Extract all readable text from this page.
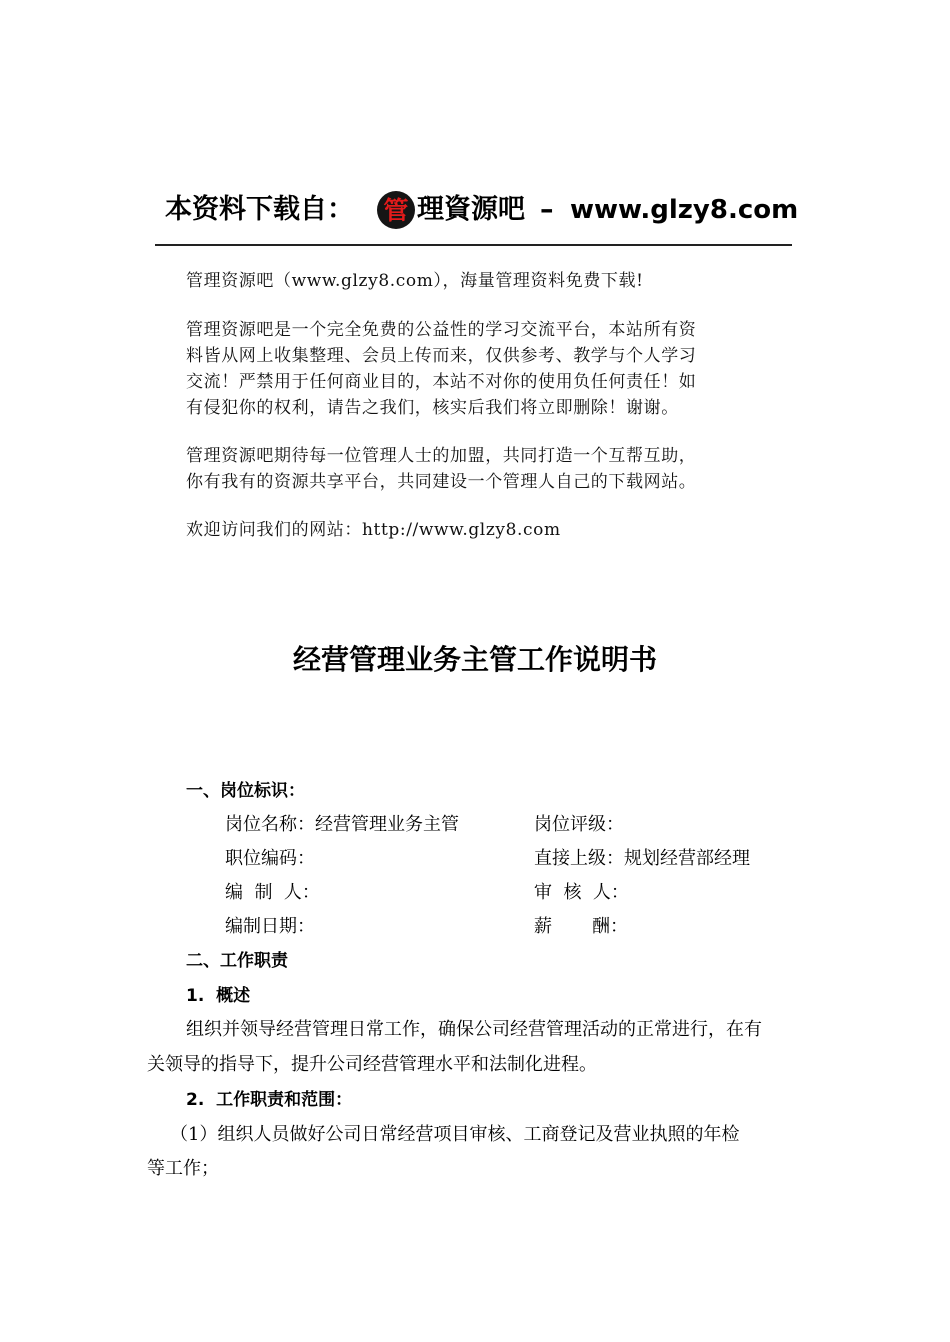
本资料下载自： 管 理資源吧 – www.glzy8.com
管理资源吧（www.glzy8.com），海量管理资料免费下载!
管理资源吧是一个完全免费的公益性的学习交流平台，本站所有资
料皆从网上收集整理、会员上传而来，仅供参考、教学与个人学习
交流！严禁用于任何商业目的，本站不对你的使用负任何责任！如
有侵犯你的权利，请告之我们，核实后我们将立即删除！谢谢。
管理资源吧期待每一位管理人士的加盟，共同打造一个互帮互助，
你有我有的资源共享平台，共同建设一个管理人自己的下载网站。
欢迎访问我们的网站：http://www.glzy8.com
经营管理业务主管工作说明书
一、岗位标识：
岗位名称：经营管理业务主管	岗位评级：
职位编码：	直接上级：规划经营部经理
编  制  人：	审  核  人：
编制日期：	薪       酬：
二、工作职责
1.  概述
组织并领导经营管理日常工作，确保公司经营管理活动的正常进行，在有
关领导的指导下，提升公司经营管理水平和法制化进程。
2.  工作职责和范围：
（1）组织人员做好公司日常经营项目审核、工商登记及营业执照的年检
等工作；
